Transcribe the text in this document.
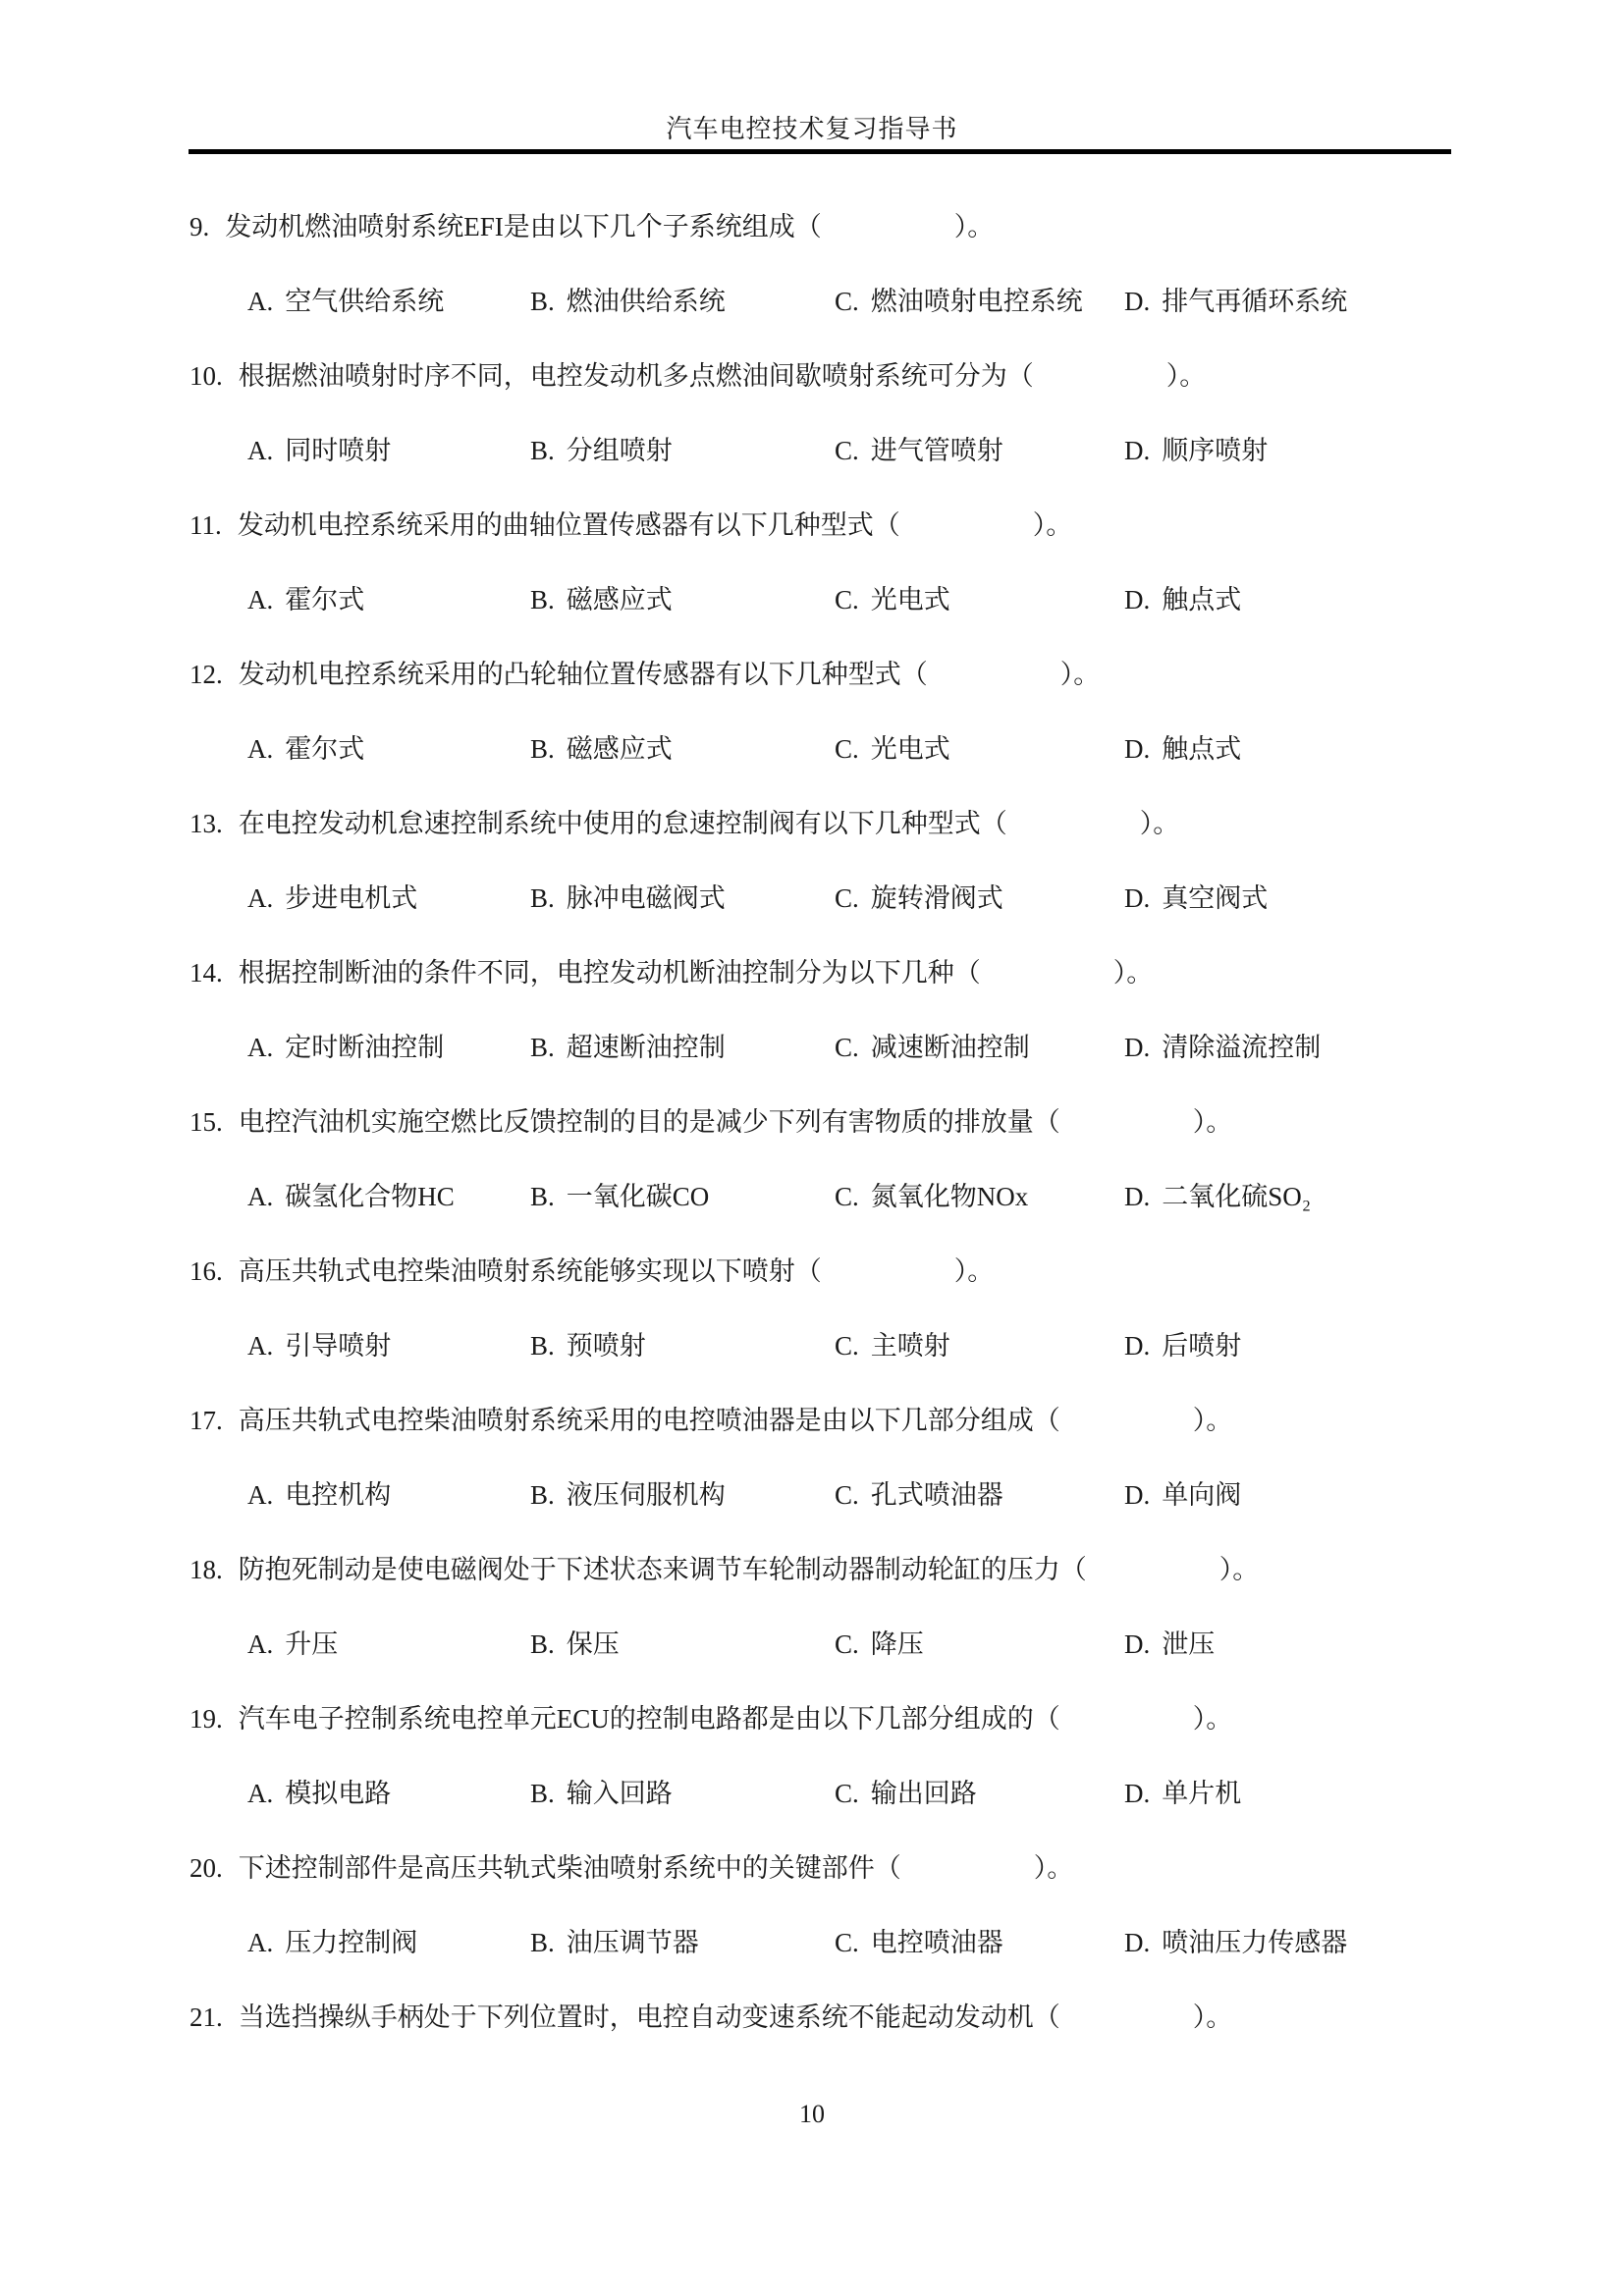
汽车电控技术复习指导书
9. 发动机燃油喷射系统EFI是由以下几个子系统组成（　　　　　）。
A. 空气供给系统	B. 燃油供给系统	C. 燃油喷射电控系统 D. 排气再循环系统
10. 根据燃油喷射时序不同，电控发动机多点燃油间歇喷射系统可分为（　　　　　）。
A. 同时喷射	B. 分组喷射	C. 进气管喷射	D. 顺序喷射
11. 发动机电控系统采用的曲轴位置传感器有以下几种型式（　　　　　）。
A. 霍尔式	B. 磁感应式	C. 光电式	D. 触点式
12. 发动机电控系统采用的凸轮轴位置传感器有以下几种型式（　　　　　）。
A. 霍尔式	B. 磁感应式	C. 光电式	D. 触点式
13. 在电控发动机怠速控制系统中使用的怠速控制阀有以下几种型式（　　　　　）。
A. 步进电机式	B. 脉冲电磁阀式	C. 旋转滑阀式	D. 真空阀式
14. 根据控制断油的条件不同，电控发动机断油控制分为以下几种（　　　　　）。
A. 定时断油控制	B. 超速断油控制	C. 减速断油控制	D. 清除溢流控制
15. 电控汽油机实施空燃比反馈控制的目的是减少下列有害物质的排放量（　　　　　）。
A. 碳氢化合物HC	B. 一氧化碳CO	C. 氮氧化物NOx	D. 二氧化硫SO₂
16. 高压共轨式电控柴油喷射系统能够实现以下喷射（　　　　　）。
A. 引导喷射	B. 预喷射	C. 主喷射	D. 后喷射
17. 高压共轨式电控柴油喷射系统采用的电控喷油器是由以下几部分组成（　　　　　）。
A. 电控机构	B. 液压伺服机构	C. 孔式喷油器	D. 单向阀
18. 防抱死制动是使电磁阀处于下述状态来调节车轮制动器制动轮缸的压力（　　　　　）。
A. 升压	B. 保压	C. 降压	D. 泄压
19. 汽车电子控制系统电控单元ECU的控制电路都是由以下几部分组成的（　　　　　）。
A. 模拟电路	B. 输入回路	C. 输出回路	D. 单片机
20. 下述控制部件是高压共轨式柴油喷射系统中的关键部件（　　　　　）。
A. 压力控制阀	B. 油压调节器	C. 电控喷油器	D. 喷油压力传感器
21. 当选挡操纵手柄处于下列位置时，电控自动变速系统不能起动发动机（　　　　　）。
10
